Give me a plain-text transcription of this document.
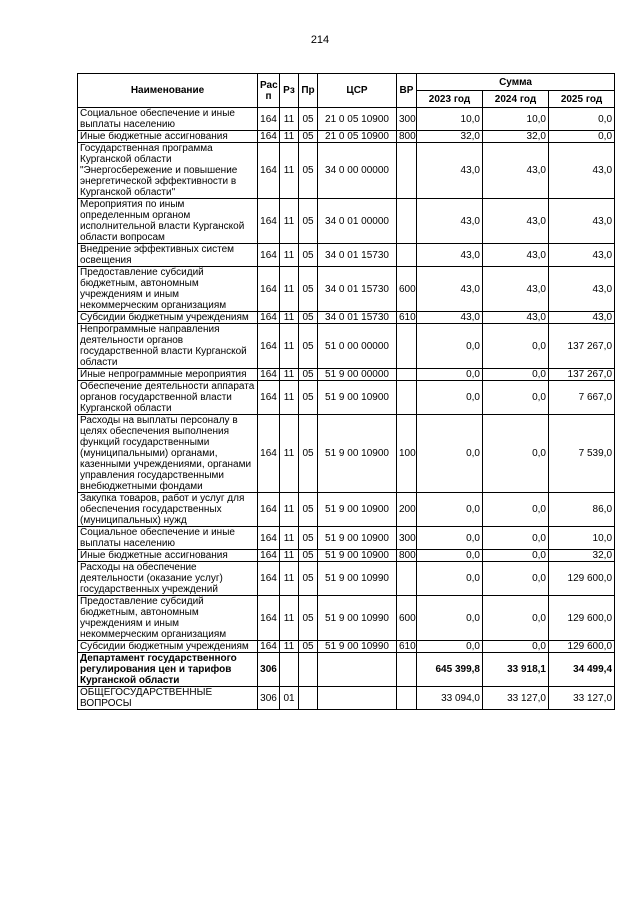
214
Наименование	Рас п	Рз	Пр	ЦСР	ВР	Сумма		
						2023 год	2024 год	2025 год
Социальное обеспечение и иные выплаты населению	164	11	05	21 0 05 10900	300	10,0	10,0	0,0
Иные бюджетные ассигнования	164	11	05	21 0 05 10900	800	32,0	32,0	0,0
Государственная программа Курганской области "Энергосбережение и повышение энергетической эффективности в Курганской области"	164	11	05	34 0 00 00000		43,0	43,0	43,0
Мероприятия по иным определенным органом исполнительной власти Курганской области вопросам	164	11	05	34 0 01 00000		43,0	43,0	43,0
Внедрение эффективных систем освещения	164	11	05	34 0 01 15730		43,0	43,0	43,0
Предоставление субсидий бюджетным, автономным учреждениям и иным некоммерческим организациям	164	11	05	34 0 01 15730	600	43,0	43,0	43,0
Субсидии бюджетным учреждениям	164	11	05	34 0 01 15730	610	43,0	43,0	43,0
Непрограммные направления деятельности органов государственной власти Курганской области	164	11	05	51 0 00 00000		0,0	0,0	137 267,0
Иные непрограммные мероприятия	164	11	05	51 9 00 00000		0,0	0,0	137 267,0
Обеспечение деятельности аппарата органов государственной власти Курганской области	164	11	05	51 9 00 10900		0,0	0,0	7 667,0
Расходы на выплаты персоналу в целях обеспечения выполнения функций государственными (муниципальными) органами, казенными учреждениями, органами управления государственными внебюджетными фондами	164	11	05	51 9 00 10900	100	0,0	0,0	7 539,0
Закупка товаров, работ и услуг для обеспечения государственных (муниципальных) нужд	164	11	05	51 9 00 10900	200	0,0	0,0	86,0
Социальное обеспечение и иные выплаты населению	164	11	05	51 9 00 10900	300	0,0	0,0	10,0
Иные бюджетные ассигнования	164	11	05	51 9 00 10900	800	0,0	0,0	32,0
Расходы на обеспечение деятельности (оказание услуг) государственных учреждений	164	11	05	51 9 00 10990		0,0	0,0	129 600,0
Предоставление субсидий бюджетным, автономным учреждениям и иным некоммерческим организациям	164	11	05	51 9 00 10990	600	0,0	0,0	129 600,0
Субсидии бюджетным учреждениям	164	11	05	51 9 00 10990	610	0,0	0,0	129 600,0
Департамент государственного регулирования цен и тарифов Курганской области	306					645 399,8	33 918,1	34 499,4
ОБЩЕГОСУДАРСТВЕННЫЕ ВОПРОСЫ	306	01				33 094,0	33 127,0	33 127,0
